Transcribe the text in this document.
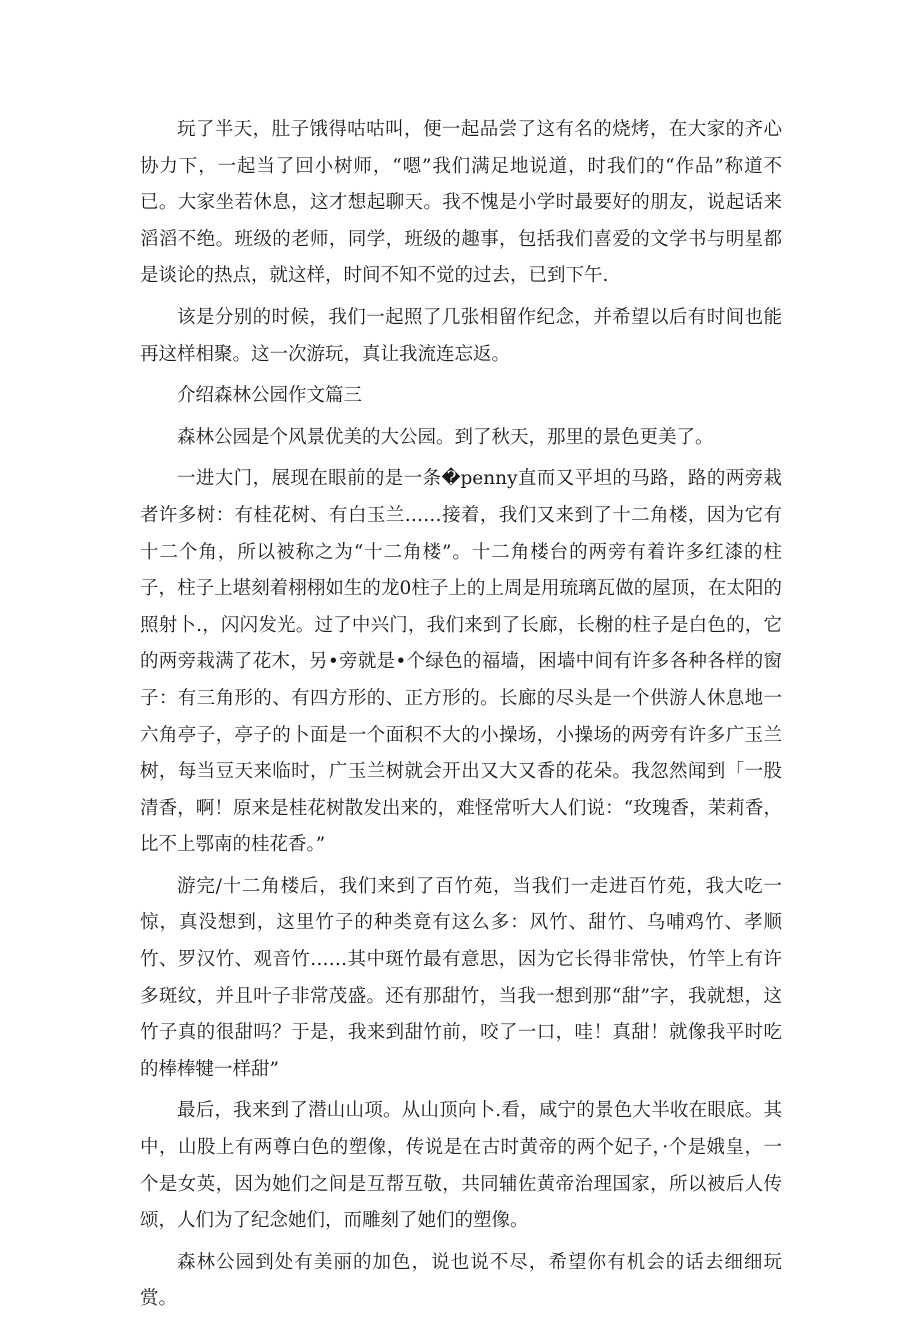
玩了半天，肚子饿得咕咕叫，便一起品尝了这有名的烧烤，在大家的齐心协力下，一起当了回小树师，“嗯”我们满足地说道，时我们的“作品”称道不已。大家坐若休息，这才想起聊天。我不愧是小学时最要好的朋友，说起话来滔滔不绝。班级的老师，同学，班级的趣事，包括我们喜爱的文学书与明星都是谈论的热点，就这样，时间不知不觉的过去，已到下午.

该是分别的时候，我们一起照了几张相留作纪念，并希望以后有时间也能再这样相聚。这一次游玩，真让我流连忘返。

介绍森林公园作文篇三

森林公园是个风景优美的大公园。到了秋天，那里的景色更美了。

一进大门，展现在眼前的是一条�penny直而又平坦的马路，路的两旁栽者许多树：有桂花树、有白玉兰……接着，我们又来到了十二角楼，因为它有十二个角，所以被称之为“十二角楼”。十二角楼台的两旁有着许多红漆的柱子，柱子上堪刻着栩栩如生的龙0柱子上的上周是用琉璃瓦做的屋顶，在太阳的照射卜.，闪闪发光。过了中兴门，我们来到了长廊，长榭的柱子是白色的，它的两旁栽满了花木，另•旁就是•个绿色的福墙，困墙中间有许多各种各样的窗子：有三角形的、有四方形的、正方形的。长廊的尽头是一个供游人休息地一六角亭子，亭子的卜面是一个面积不大的小操场，小操场的两旁有许多广玉兰树，每当豆天来临时，广玉兰树就会开出又大又香的花朵。我忽然闻到「一股清香，啊！原来是桂花树散发出来的，难怪常听大人们说：“玫瑰香，茉莉香，比不上鄂南的桂花香。”

游完/十二角楼后，我们来到了百竹苑，当我们一走进百竹苑，我大吃一惊，真没想到，这里竹子的种类竟有这么多：风竹、甜竹、乌哺鸡竹、孝顺竹、罗汉竹、观音竹……其中斑竹最有意思，因为它长得非常快，竹竿上有许多斑纹，并且叶子非常茂盛。还有那甜竹，当我一想到那“甜”字，我就想，这竹子真的很甜吗？于是，我来到甜竹前，咬了一口，哇！真甜！就像我平时吃的棒棒犍一样甜”

最后，我来到了潜山山项。从山顶向卜.看，咸宁的景色大半收在眼底。其中，山股上有两尊白色的塑像，传说是在古时黄帝的两个妃子，·个是娥皇，一个是女英，因为她们之间是互帮互敬，共同辅佐黄帝治理国家，所以被后人传颂，人们为了纪念她们，而雕刻了她们的塑像。

森林公园到处有美丽的加色，说也说不尽，希望你有机会的话去细细玩赏。
